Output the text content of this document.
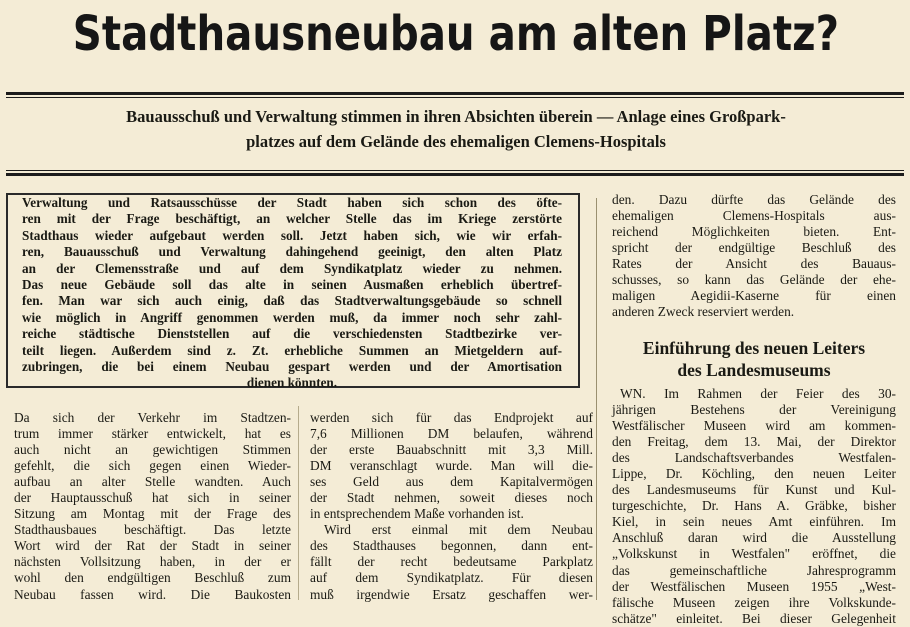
Stadthausneubau am alten Platz?

Bauausschuß und Verwaltung stimmen in ihren Absichten überein — Anlage eines Großpark-

platzes auf dem Gelände des ehemaligen Clemens-Hospitals

Verwaltung und Ratsausschüsse der Stadt haben sich schon des öfte-

ren mit der Frage beschäftigt, an welcher Stelle das im Kriege zerstörte

Stadthaus wieder aufgebaut werden soll. Jetzt haben sich, wie wir erfah-

ren, Bauausschuß und Verwaltung dahingehend geeinigt, den alten Platz

an der Clemensstraße und auf dem Syndikatplatz wieder zu nehmen.

Das neue Gebäude soll das alte in seinen Ausmaßen erheblich übertref-

fen. Man war sich auch einig, daß das Stadtverwaltungsgebäude so schnell

wie möglich in Angriff genommen werden muß, da immer noch sehr zahl-

reiche städtische Dienststellen auf die verschiedensten Stadtbezirke ver-

teilt liegen. Außerdem sind z. Zt. erhebliche Summen an Mietgeldern auf-

zubringen, die bei einem Neubau gespart werden und der Amortisation

dienen könnten.

Da sich der Verkehr im Stadtzen-

trum immer stärker entwickelt, hat es

auch nicht an gewichtigen Stimmen

gefehlt, die sich gegen einen Wieder-

aufbau an alter Stelle wandten. Auch

der Hauptausschuß hat sich in seiner

Sitzung am Montag mit der Frage des

Stadthausbaues beschäftigt. Das letzte

Wort wird der Rat der Stadt in seiner

nächsten Vollsitzung haben, in der er

wohl den endgültigen Beschluß zum

Neubau fassen wird. Die Baukosten

werden sich für das Endprojekt auf

7,6 Millionen DM belaufen, während

der erste Bauabschnitt mit 3,3 Mill.

DM veranschlagt wurde. Man will die-

ses Geld aus dem Kapitalvermögen

der Stadt nehmen, soweit dieses noch

in entsprechendem Maße vorhanden ist.

Wird erst einmal mit dem Neubau

des Stadthauses begonnen, dann ent-

fällt der recht bedeutsame Parkplatz

auf dem Syndikatplatz. Für diesen

muß irgendwie Ersatz geschaffen wer-

den. Dazu dürfte das Gelände des

ehemaligen Clemens-Hospitals aus-

reichend Möglichkeiten bieten. Ent-

spricht der endgültige Beschluß des

Rates der Ansicht des Bauaus-

schusses, so kann das Gelände der ehe-

maligen Aegidii-Kaserne für einen

anderen Zweck reserviert werden.

Einführung des neuen Leiters

des Landesmuseums

WN. Im Rahmen der Feier des 30-

jährigen Bestehens der Vereinigung

Westfälischer Museen wird am kommen-

den Freitag, dem 13. Mai, der Direktor

des Landschaftsverbandes Westfalen-

Lippe, Dr. Köchling, den neuen Leiter

des Landesmuseums für Kunst und Kul-

turgeschichte, Dr. Hans A. Gräbke, bisher

Kiel, in sein neues Amt einführen. Im

Anschluß daran wird die Ausstellung

„Volkskunst in Westfalen" eröffnet, die

das gemeinschaftliche Jahresprogramm

der Westfälischen Museen 1955 „West-

fälische Museen zeigen ihre Volkskunde-

schätze" einleitet. Bei dieser Gelegenheit
